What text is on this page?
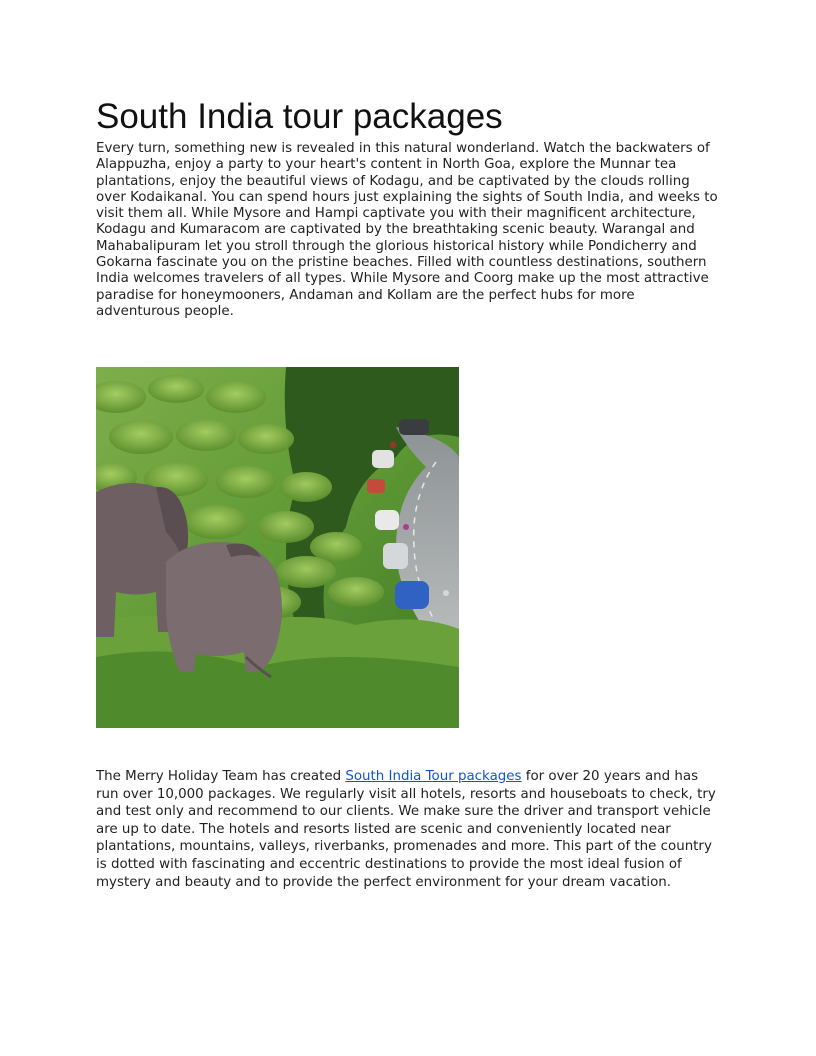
South India tour packages

Every turn, something new is revealed in this natural wonderland. Watch the backwaters of Alappuzha, enjoy a party to your heart's content in North Goa, explore the Munnar tea plantations, enjoy the beautiful views of Kodagu, and be captivated by the clouds rolling over Kodaikanal. You can spend hours just explaining the sights of South India, and weeks to visit them all. While Mysore and Hampi captivate you with their magnificent architecture, Kodagu and Kumaracom are captivated by the breathtaking scenic beauty. Warangal and Mahabalipuram let you stroll through the glorious historical history while Pondicherry and Gokarna fascinate you on the pristine beaches. Filled with countless destinations, southern India welcomes travelers of all types. While Mysore and Coorg make up the most attractive paradise for honeymooners, Andaman and Kollam are the perfect hubs for more adventurous people.

The Merry Holiday Team has created South India Tour packages for over 20 years and has run over 10,000 packages. We regularly visit all hotels, resorts and houseboats to check, try and test only and recommend to our clients. We make sure the driver and transport vehicle are up to date. The hotels and resorts listed are scenic and conveniently located near plantations, mountains, valleys, riverbanks, promenades and more. This part of the country is dotted with fascinating and eccentric destinations to provide the most ideal fusion of mystery and beauty and to provide the perfect environment for your dream vacation.
